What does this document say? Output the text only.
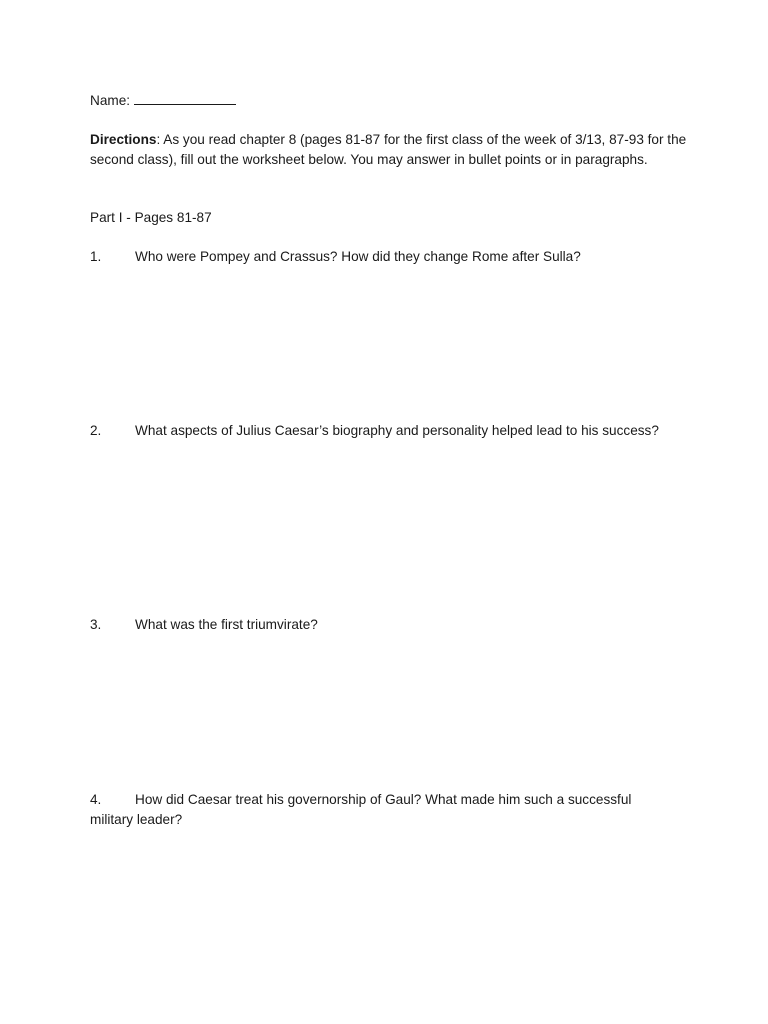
Name:
Directions: As you read chapter 8 (pages 81-87 for the first class of the week of 3/13, 87-93 for the second class), fill out the worksheet below. You may answer in bullet points or in paragraphs.
Part I - Pages 81-87
1. Who were Pompey and Crassus? How did they change Rome after Sulla?
2. What aspects of Julius Caesar’s biography and personality helped lead to his success?
3. What was the first triumvirate?
4. How did Caesar treat his governorship of Gaul? What made him such a successful military leader?
